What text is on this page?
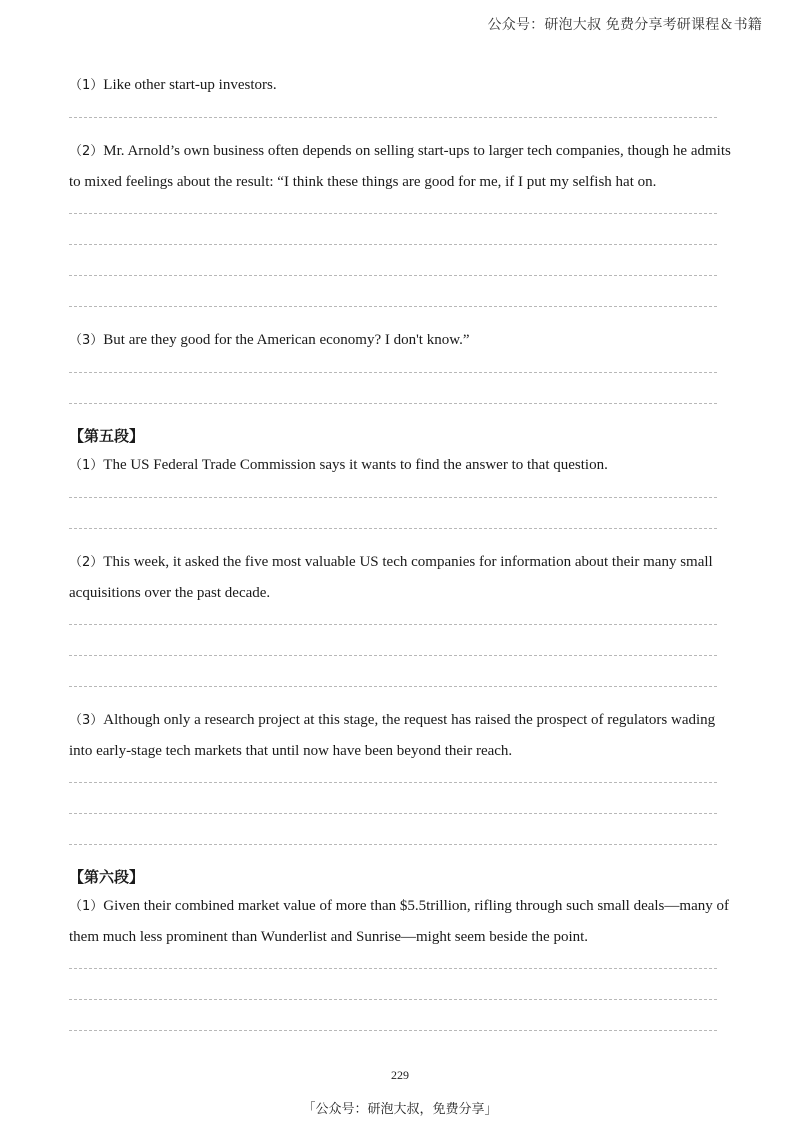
公众号：研泡大叔 免费分享考研课程＆书籍

（1）Like other start-up investors.

（2）Mr. Arnold’s own business often depends on selling start-ups to larger tech companies, though he admits to mixed feelings about the result: “I think these things are good for me, if I put my selfish hat on.

（3）But are they good for the American economy? I don't know.”

【第五段】

（1）The US Federal Trade Commission says it wants to find the answer to that question.

（2）This week, it asked the five most valuable US tech companies for information about their many small acquisitions over the past decade.

（3）Although only a research project at this stage, the request has raised the prospect of regulators wading into early-stage tech markets that until now have been beyond their reach.

【第六段】

（1）Given their combined market value of more than $5.5trillion, rifling through such small deals—many of them much less prominent than Wunderlist and Sunrise—might seem beside the point.

229
「公众号：研泡大叔，免费分享」
